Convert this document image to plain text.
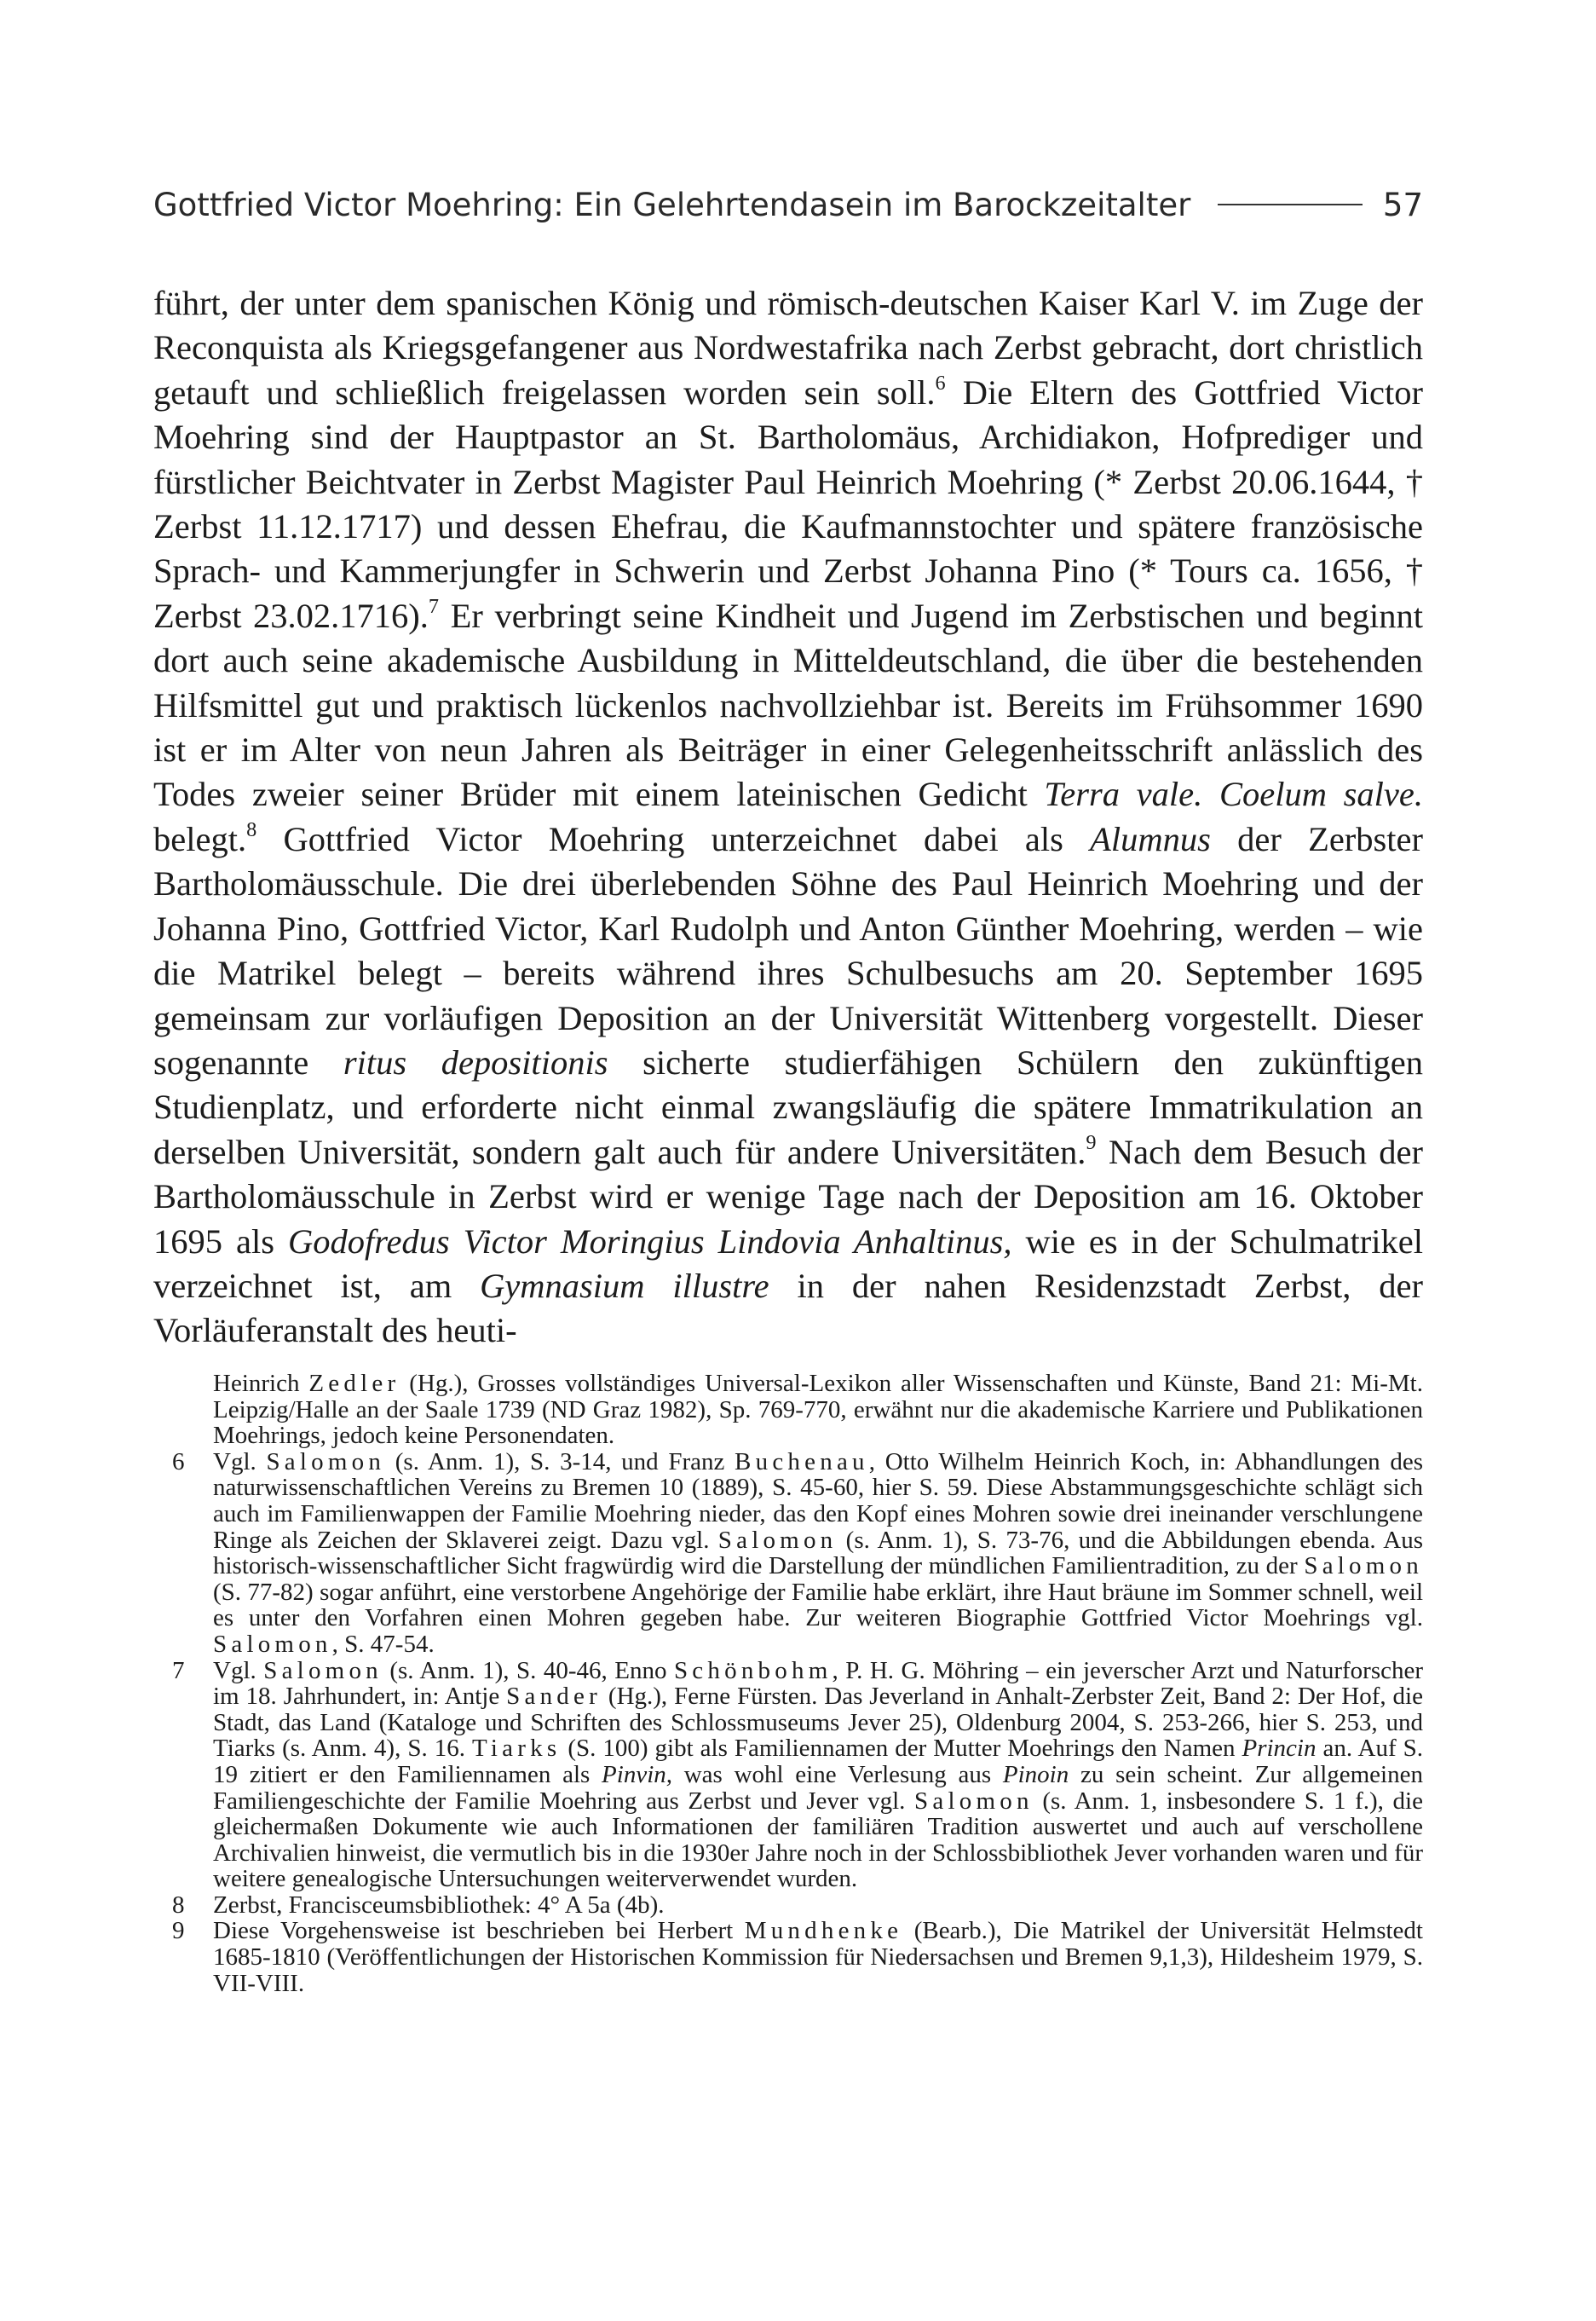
Gottfried Victor Moehring: Ein Gelehrtendasein im Barockzeitalter	57
führt, der unter dem spanischen König und römisch-deutschen Kaiser Karl V. im Zuge der Reconquista als Kriegsgefangener aus Nordwestafrika nach Zerbst gebracht, dort christlich getauft und schließlich freigelassen worden sein soll.$^6$ Die Eltern des Gottfried Victor Moehring sind der Hauptpastor an St. Bartholomäus, Archidiakon, Hofprediger und fürstlicher Beichtvater in Zerbst Magister Paul Heinrich Moehring (* Zerbst 20.06.1644, † Zerbst 11.12.1717) und dessen Ehefrau, die Kaufmannstochter und spätere französische Sprach- und Kammerjungfer in Schwerin und Zerbst Johanna Pino (* Tours ca. 1656, † Zerbst 23.02.1716).$^7$ Er verbringt seine Kindheit und Jugend im Zerbstischen und beginnt dort auch seine akademische Ausbildung in Mitteldeutschland, die über die bestehenden Hilfsmittel gut und praktisch lückenlos nachvollziehbar ist. Bereits im Frühsommer 1690 ist er im Alter von neun Jahren als Beiträger in einer Gelegenheitsschrift anlässlich des Todes zweier seiner Brüder mit einem lateinischen Gedicht Terra vale. Coelum salve. belegt.$^8$ Gottfried Victor Moehring unterzeichnet dabei als Alumnus der Zerbster Bartholomäusschule. Die drei überlebenden Söhne des Paul Heinrich Moehring und der Johanna Pino, Gottfried Victor, Karl Rudolph und Anton Günther Moehring, werden – wie die Matrikel belegt – bereits während ihres Schulbesuchs am 20. September 1695 gemeinsam zur vorläufigen Deposition an der Universität Wittenberg vorgestellt. Dieser sogenannte ritus depositionis sicherte studierfähigen Schülern den zukünftigen Studienplatz, und erforderte nicht einmal zwangsläufig die spätere Immatrikulation an derselben Universität, sondern galt auch für andere Universitäten.$^9$ Nach dem Besuch der Bartholomäusschule in Zerbst wird er wenige Tage nach der Deposition am 16. Oktober 1695 als Godofredus Victor Moringius Lindovia Anhaltinus, wie es in der Schulmatrikel verzeichnet ist, am Gymnasium illustre in der nahen Residenzstadt Zerbst, der Vorläuferanstalt des heuti-

Heinrich Zedler (Hg.), Grosses vollständiges Universal-Lexikon aller Wissenschaften und Künste, Band 21: Mi-Mt. Leipzig/Halle an der Saale 1739 (ND Graz 1982), Sp. 769-770, erwähnt nur die akademische Karriere und Publikationen Moehrings, jedoch keine Personendaten.

6 Vgl. Salomon (s. Anm. 1), S. 3-14, und Franz Buchenau, Otto Wilhelm Heinrich Koch, in: Abhandlungen des naturwissenschaftlichen Vereins zu Bremen 10 (1889), S. 45-60, hier S. 59. Diese Abstammungsgeschichte schlägt sich auch im Familienwappen der Familie Moehring nieder, das den Kopf eines Mohren sowie drei ineinander verschlungene Ringe als Zeichen der Sklaverei zeigt. Dazu vgl. Salomon (s. Anm. 1), S. 73-76, und die Abbildungen ebenda. Aus historisch-wissenschaftlicher Sicht fragwürdig wird die Darstellung der mündlichen Familientradition, zu der Salomon (S. 77-82) sogar anführt, eine verstorbene Angehörige der Familie habe erklärt, ihre Haut bräune im Sommer schnell, weil es unter den Vorfahren einen Mohren gegeben habe. Zur weiteren Biographie Gottfried Victor Moehrings vgl. Salomon, S. 47-54.

7 Vgl. Salomon (s. Anm. 1), S. 40-46, Enno Schönbohm, P. H. G. Möhring – ein jeverscher Arzt und Naturforscher im 18. Jahrhundert, in: Antje Sander (Hg.), Ferne Fürsten. Das Jeverland in Anhalt-Zerbster Zeit, Band 2: Der Hof, die Stadt, das Land (Kataloge und Schriften des Schlossmuseums Jever 25), Oldenburg 2004, S. 253-266, hier S. 253, und Tiarks (s. Anm. 4), S. 16. Tiarks (S. 100) gibt als Familiennamen der Mutter Moehrings den Namen Princin an. Auf S. 19 zitiert er den Familiennamen als Pinvin, was wohl eine Verlesung aus Pinoin zu sein scheint. Zur allgemeinen Familiengeschichte der Familie Moehring aus Zerbst und Jever vgl. Salomon (s. Anm. 1, insbesondere S. 1 f.), die gleichermaßen Dokumente wie auch Informationen der familiären Tradition auswertet und auch auf verschollene Archivalien hinweist, die vermutlich bis in die 1930er Jahre noch in der Schlossbibliothek Jever vorhanden waren und für weitere genealogische Untersuchungen weiterverwendet wurden.

8 Zerbst, Francisceumsbibliothek: 4° A 5a (4b).

9 Diese Vorgehensweise ist beschrieben bei Herbert Mundhenke (Bearb.), Die Matrikel der Universität Helmstedt 1685-1810 (Veröffentlichungen der Historischen Kommission für Niedersachsen und Bremen 9,1,3), Hildesheim 1979, S. VII-VIII.
